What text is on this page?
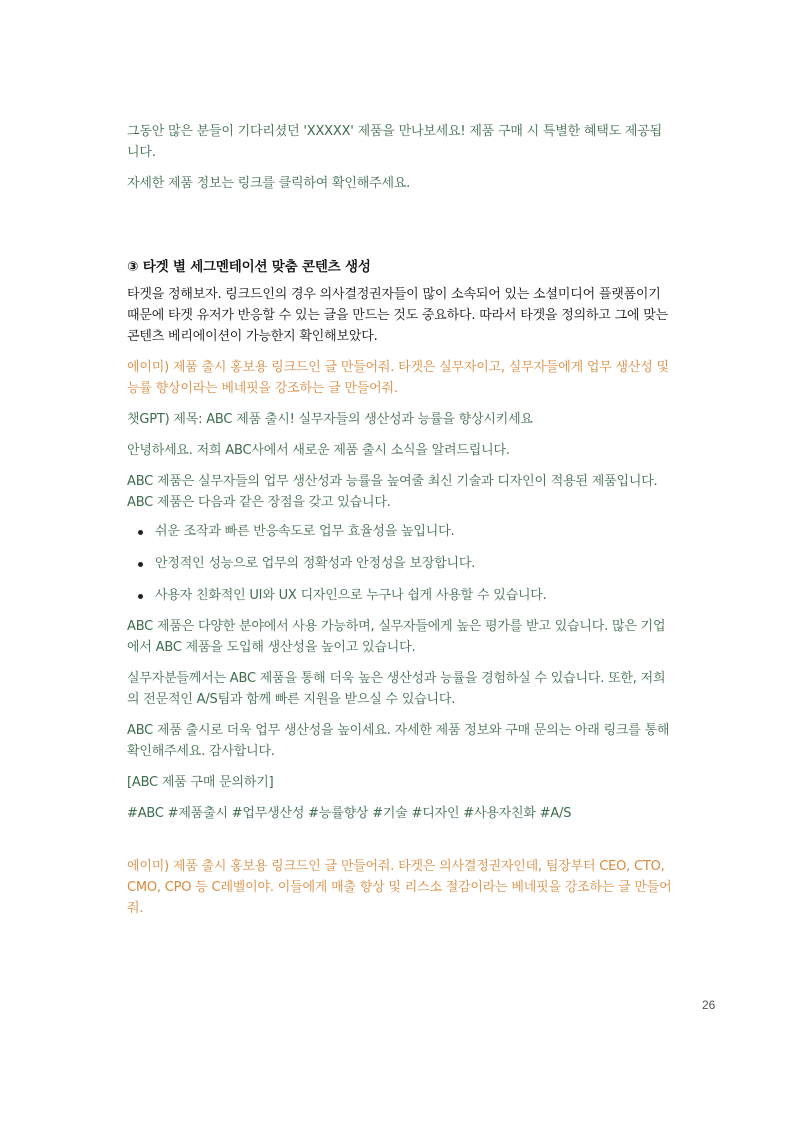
그동안 많은 분들이 기다리셨던 'XXXXX' 제품을 만나보세요! 제품 구매 시 특별한 혜택도 제공됩니다.

자세한 제품 정보는 링크를 클릭하여 확인해주세요.

③ 타겟 별 세그멘테이션 맞춤 콘텐츠 생성

타겟을 정해보자. 링크드인의 경우 의사결정권자들이 많이 소속되어 있는 소셜미디어 플랫폼이기 때문에 타겟 유저가 반응할 수 있는 글을 만드는 것도 중요하다. 따라서 타겟을 정의하고 그에 맞는 콘텐츠 베리에이션이 가능한지 확인해보았다.

에이미) 제품 출시 홍보용 링크드인 글 만들어줘. 타겟은 실무자이고, 실무자들에게 업무 생산성 및 능률 향상이라는 베네핏을 강조하는 글 만들어줘.

챗GPT) 제목: ABC 제품 출시! 실무자들의 생산성과 능률을 향상시키세요

안녕하세요. 저희 ABC사에서 새로운 제품 출시 소식을 알려드립니다.

ABC 제품은 실무자들의 업무 생산성과 능률을 높여줄 최신 기술과 디자인이 적용된 제품입니다. ABC 제품은 다음과 같은 장점을 갖고 있습니다.

쉬운 조작과 빠른 반응속도로 업무 효율성을 높입니다.
안정적인 성능으로 업무의 정확성과 안정성을 보장합니다.
사용자 친화적인 UI와 UX 디자인으로 누구나 쉽게 사용할 수 있습니다.

ABC 제품은 다양한 분야에서 사용 가능하며, 실무자들에게 높은 평가를 받고 있습니다. 많은 기업에서 ABC 제품을 도입해 생산성을 높이고 있습니다.

실무자분들께서는 ABC 제품을 통해 더욱 높은 생산성과 능률을 경험하실 수 있습니다. 또한, 저희의 전문적인 A/S팀과 함께 빠른 지원을 받으실 수 있습니다.

ABC 제품 출시로 더욱 업무 생산성을 높이세요. 자세한 제품 정보와 구매 문의는 아래 링크를 통해 확인해주세요. 감사합니다.

[ABC 제품 구매 문의하기]

#ABC #제품출시 #업무생산성 #능률향상 #기술 #디자인 #사용자친화 #A/S

에이미) 제품 출시 홍보용 링크드인 글 만들어줘. 타겟은 의사결정권자인데, 팀장부터 CEO, CTO, CMO, CPO 등 C레벨이야. 이들에게 매출 향상 및 리스소 절감이라는 베네핏을 강조하는 글 만들어줘.

26
